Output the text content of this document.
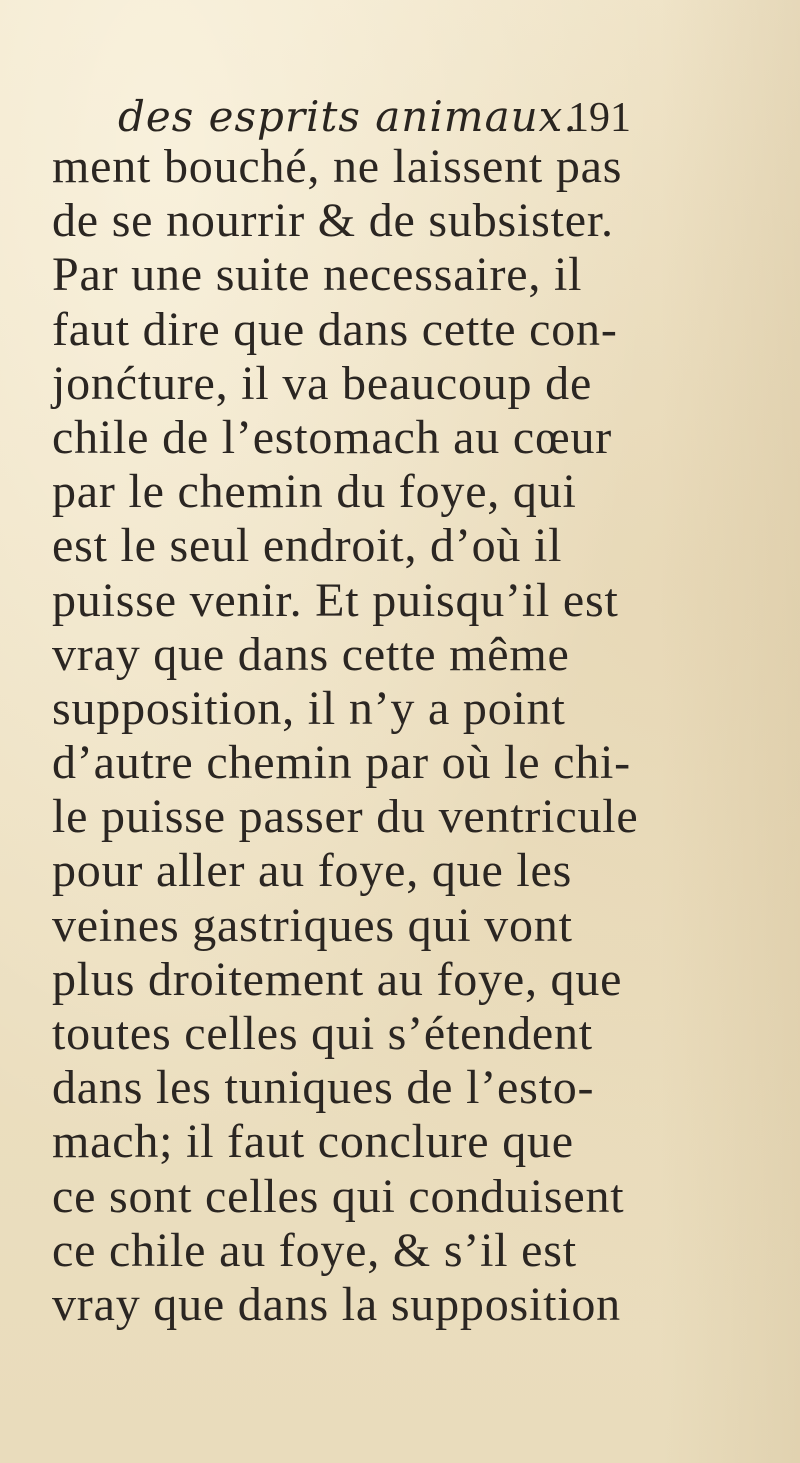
des esprits animaux.
191
ment bouché, ne laissent pas
de se nourrir & de subsister.
Par une suite necessaire, il
faut dire que dans cette con-
jonćture, il va beaucoup de
chile de l’estomach au cœur
par le chemin du foye, qui
est le seul endroit, d’où il
puisse venir. Et puisqu’il est
vray que dans cette même
supposition, il n’y a point
d’autre chemin par où le chi-
le puisse passer du ventricule
pour aller au foye, que les
veines gastriques qui vont
plus droitement au foye, que
toutes celles qui s’étendent
dans les tuniques de l’esto-
mach; il faut conclure que
ce sont celles qui conduisent
ce chile au foye, & s’il est
vray que dans la supposition
